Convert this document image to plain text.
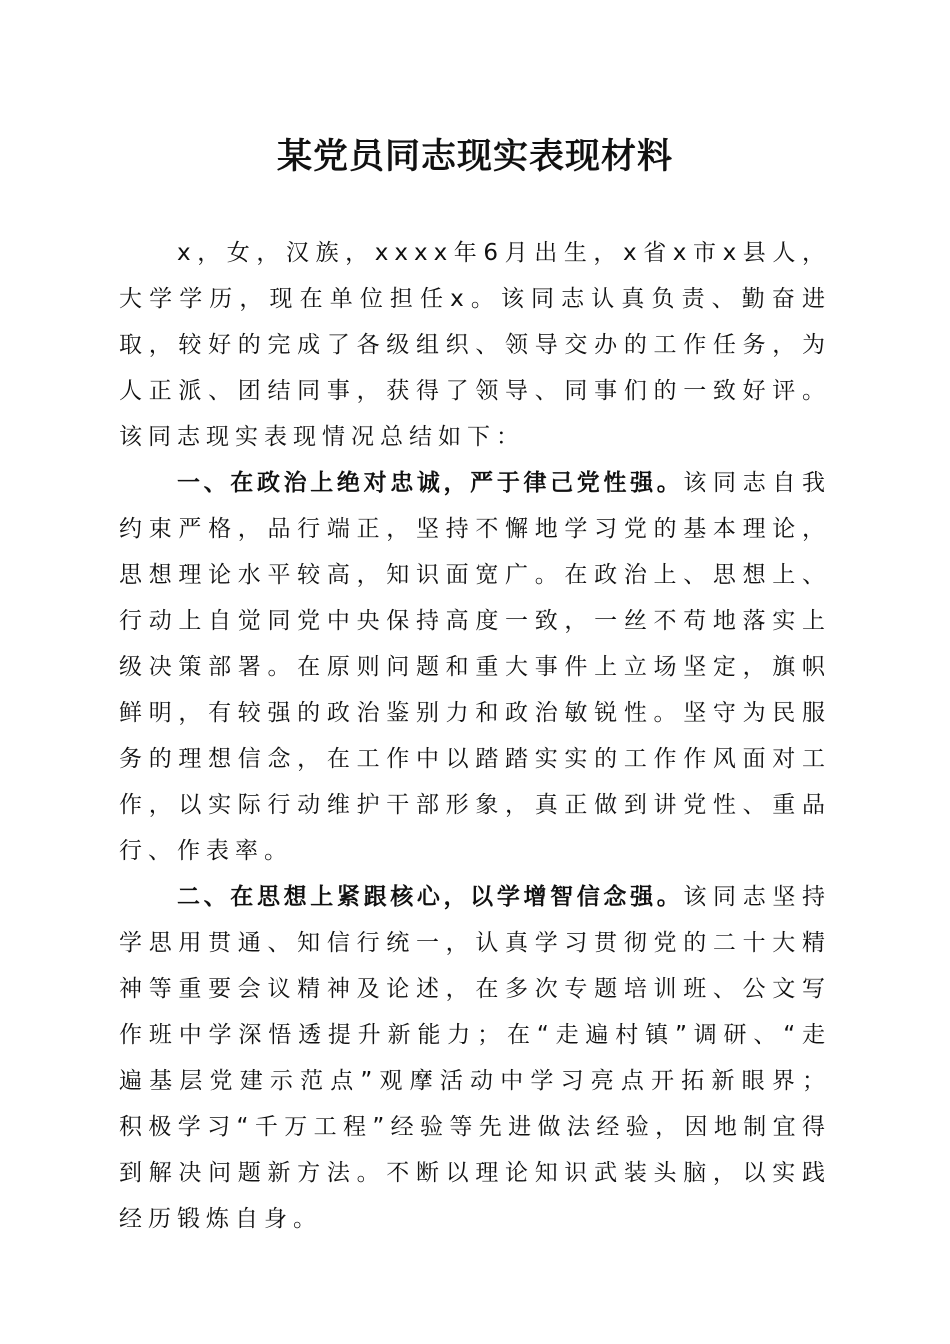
某党员同志现实表现材料

x，女，汉族，xxxx年6月出生，x省x市x县人，大学学历，现在单位担任x。该同志认真负责、勤奋进取，较好的完成了各级组织、领导交办的工作任务，为人正派、团结同事，获得了领导、同事们的一致好评。该同志现实表现情况总结如下：

一、在政治上绝对忠诚，严于律己党性强。该同志自我约束严格，品行端正，坚持不懈地学习党的基本理论，思想理论水平较高，知识面宽广。在政治上、思想上、行动上自觉同党中央保持高度一致，一丝不苟地落实上级决策部署。在原则问题和重大事件上立场坚定，旗帜鲜明，有较强的政治鉴别力和政治敏锐性。坚守为民服务的理想信念，在工作中以踏踏实实的工作作风面对工作，以实际行动维护干部形象，真正做到讲党性、重品行、作表率。

二、在思想上紧跟核心，以学增智信念强。该同志坚持学思用贯通、知信行统一，认真学习贯彻党的二十大精神等重要会议精神及论述，在多次专题培训班、公文写作班中学深悟透提升新能力；在“走遍村镇”调研、“走遍基层党建示范点”观摩活动中学习亮点开拓新眼界；积极学习“千万工程”经验等先进做法经验，因地制宜得到解决问题新方法。不断以理论知识武装头脑，以实践经历锻炼自身。
